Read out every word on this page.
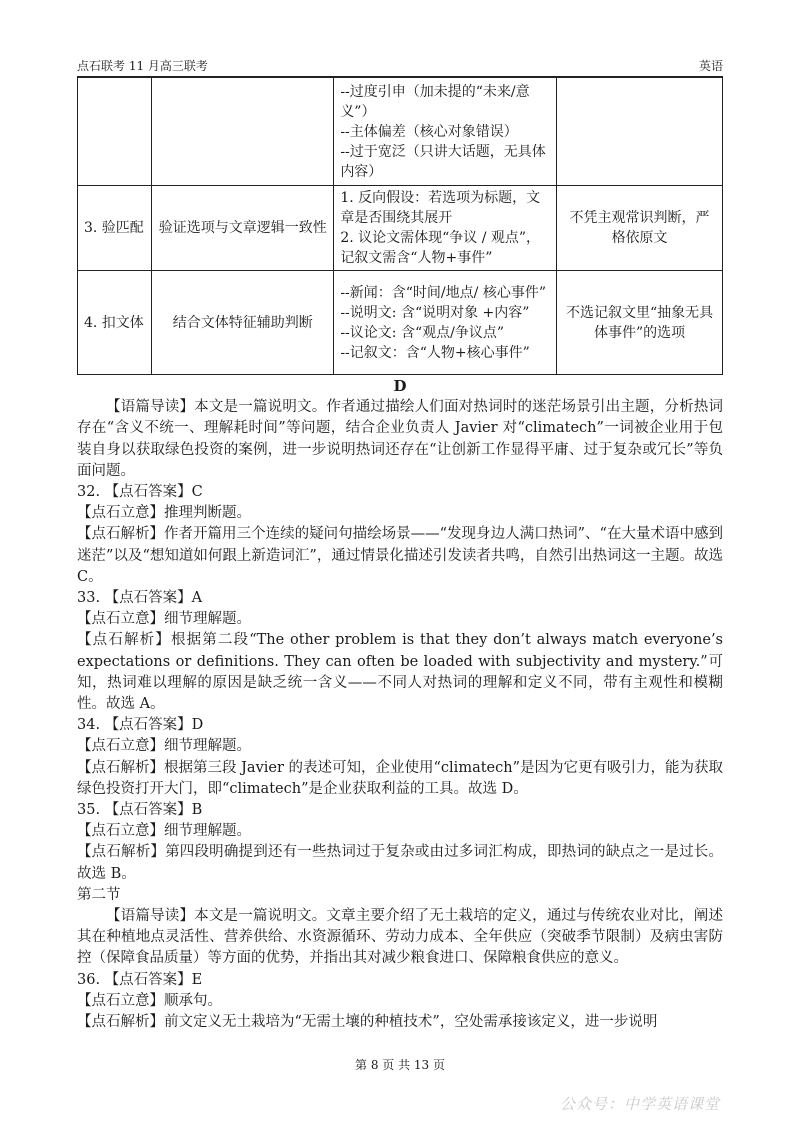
点石联考 11 月高三联考	英语

		--过度引申（加未提的“未来/意义”）
--主体偏差（核心对象错误）
--过于宽泛（只讲大话题，无具体内容）	

3. 验匹配	验证选项与文章逻辑一致性	1. 反向假设：若选项为标题，文章是否围绕其展开
2. 议论文需体现“争议 / 观点”，记叙文需含“人物+事件”	不凭主观常识判断，严格依原文
4. 扣文体	结合文体特征辅助判断	--新闻：含“时间/地点/ 核心事件”
--说明文: 含“说明对象 +内容”
--议论文: 含“观点/争议点”
--记叙文：含“人物+核心事件”	不选记叙文里“抽象无具体事件”的选项

D

【语篇导读】本文是一篇说明文。作者通过描绘人们面对热词时的迷茫场景引出主题，分析热词存在“含义不统一、理解耗时间”等问题，结合企业负责人 Javier 对“climatech”一词被企业用于包装自身以获取绿色投资的案例，进一步说明热词还存在“让创新工作显得平庸、过于复杂或冗长”等负面问题。

32. 【点石答案】C

【点石立意】推理判断题。

【点石解析】作者开篇用三个连续的疑问句描绘场景——“发现身边人满口热词”、“在大量术语中感到迷茫”以及“想知道如何跟上新造词汇”，通过情景化描述引发读者共鸣，自然引出热词这一主题。故选 C。

33. 【点石答案】A

【点石立意】细节理解题。

【点石解析】根据第二段“The other problem is that they don’t always match everyone’s expectations or definitions. They can often be loaded with subjectivity and mystery.”可知，热词难以理解的原因是缺乏统一含义——不同人对热词的理解和定义不同，带有主观性和模糊性。故选 A。

34. 【点石答案】D

【点石立意】细节理解题。

【点石解析】根据第三段 Javier 的表述可知，企业使用“climatech”是因为它更有吸引力，能为获取绿色投资打开大门，即“climatech”是企业获取利益的工具。故选 D。

35. 【点石答案】B

【点石立意】细节理解题。

【点石解析】第四段明确提到还有一些热词过于复杂或由过多词汇构成，即热词的缺点之一是过长。故选 B。

第二节

【语篇导读】本文是一篇说明文。文章主要介绍了无土栽培的定义，通过与传统农业对比，阐述其在种植地点灵活性、营养供给、水资源循环、劳动力成本、全年供应（突破季节限制）及病虫害防控（保障食品质量）等方面的优势，并指出其对减少粮食进口、保障粮食供应的意义。

36. 【点石答案】E

【点石立意】顺承句。

【点石解析】前文定义无土栽培为“无需土壤的种植技术”，空处需承接该定义，进一步说明

第 8 页 共 13 页
公众号：中学英语课堂
